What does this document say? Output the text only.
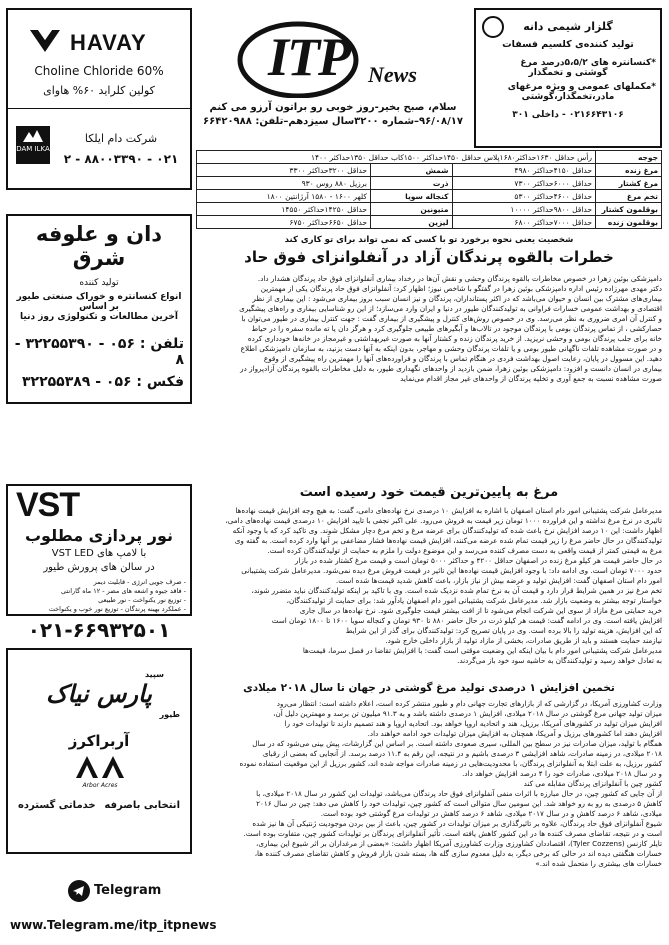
HAVAY
Choline Chloride 60%
کولین کلراید ۶۰% هاوای
DAM ILKA
شرکت دام ایلکا
۲ - ۸۸۰۰۳۳۹۰ - ۰۲۱
ITP News
سلام، صبح بخیر-روز خوبی رو براتون آرزو می کنم
۹۶/۰۸/۱۷–شماره ۳۲۰۰سال سیزدهم–تلفن: ۶۶۴۲۰۹۸۸
گلزار شیمی دانه
تولید کننده‌ی کلسیم فسفات
*کنسانتره های ۵،۵/۲درصد مرغ
گوشتی و تخمگذار
*مکملهای عمومی و ویژه مرغهای
مادر،تخمگذار،گوشتی
۰۲۱۶۶۴۳۱۰۶ - داخلی ۳۰۱
جوجه	رأس حداقل ۱۶۳۰حداکثر۱۶۸۰پلاس حداقل ۱۴۵۰حداکثر ۱۵۰۰کاب حداقل ۱۳۵۰حداکثر ۱۴۰۰		
مرغ زنده	حداقل ۴۱۵۰حداکثر ۴۹۸۰	شمش	حداقل ۳۲۰۰حداکثر ۳۳۰۰
مرغ کشتار	حداقل ۶۰۰۰حداکثر ۷۳۰۰	ذرت	برزیل ۸۸۰ روس ۹۳۰
تخم مرغ	حداقل ۴۶۰۰حداکثر ۵۳۰۰	کنجاله سویا	کلهر ۱۶۰۰ - ۱۵۸۰ آرژانتین ۱۸۰۰
بوقلمون کشتار	حداقل ۹۸۰۰حداکثر ۱۰۰۰۰	متیونین	حداقل ۱۴۲۵۰حداکثر ۱۴۵۵۰
بوقلمون زنده	حداقل ۷۰۰۰حداکثر ۶۸۰۰	لیزین	حداقل ۶۶۵۰حداکثر ۶۷۵۰
شخصیت یعنی نحوه برخورد تو با کسی که نمی تواند برای تو کاری کند
خطرات بالقوه پرندگان آزاد در آنفلوانزای فوق حاد
دامپزشکی بوئین زهرا در خصوص مخاطرات بالقوه پرندگان وحشی و نقش آن‌ها در رخداد بیماری آنفلوانزای فوق حاد پرندگان هشدار داد.
دکتر مهدی مهرزاده رئیس اداره دامپزشکی بوئین زهرا در گفتگو با شاخص نیوز؛ اظهار کرد: آنفلوانزای فوق حاد پرندگان یکی از مهمترین
بیماری‌های مشترک بین انسان و حیوان می‌باشد که در اکثر پستانداران، پرندگان و نیز انسان سبب بروز بیماری می‌شود : این بیماری از نظر
اقتصادی و بهداشت عمومی خسارات فراوانی به تولیدکنندگان طیور در دنیا و ایران وارد می‌سازد؛ از این رو شناسایی بیماری و راه‌های پیشگیری
و کنترل آن امری ضروری به نظر می‌رسد. وی در خصوص روش‌های کنترل و پیشگیری از بیماری گفت : جهت کنترل بیماری در طیور می‌توان با
حصارکشی ، از تماس پرندگان بومی با پرندگان موجود در تالاب‌ها و آبگیرهای طبیعی جلوگیری کرد و هرگز دان یا ته مانده سفره را در حیاط
خانه برای جلب پرندگان بومی و وحشی نریزید. از خرید پرندگان زنده و کشتار آنها به صورت غیربهداشتی و غیرمجاز در خانه‌ها خودداری کرده
و در صورت مشاهده تلفات ناگهانی طیور بومی و یا تلفات پرندگان وحشی و مهاجر، بدون اینکه به آنها دست بزنید، به سازمان دامپزشکی اطلاع
دهید. این مسوول در پایان، رعایت اصول بهداشت فردی در هنگام تماس با پرندگان و فراورده‌های آنها را مهمترین راه پیشگیری از وقوع
بیماری در انسان دانست و افزود: دامپزشکی بوئین زهرا، ضمن بازدید از واحدهای نگهداری طیور، به دلیل مخاطرات بالقوه پرندگان آزادپرواز در
صورت مشاهده نسبت به جمع آوری و تخلیه پرندگان از واحدهای غیر مجاز اقدام می‌نماید
مرغ به پایین‌ترین قیمت خود رسیده است
مدیرعامل شرکت پشتیبانی امور دام استان اصفهان با اشاره به افزایش ۱۰ درصدی نرخ نهاده‌های دامی، گفت: به هیچ وجه افزایش قیمت نهاده‌ها
تاثیری در نرخ مرغ نداشته و این فراورده ۱۰۰۰ تومان زیر قیمت به فروش می‌رود. علی اکبر نجفی با تایید افزایش ۱۰ درصدی قیمت نهاده‌های دامی،
اظهار داشت: این ۱۰ درصد افزایش نرخ باعث شده که تولیدکنندگان برای عرضه مرغ و تخم مرغ دچار مشکل شوند. وی تاکید کرد که با وجود آنکه
تولیدکنندگان در حال حاضر مرغ را زیر قیمت تمام شده عرضه می‌کنند، افزایش قیمت نهاده‌ها فشار مضاعفی بر آنها وارد کرده است. به گفته وی
مرغ به قیمتی کمتر از قیمت واقعی به دست مصرف کننده می‌رسد و این موضوع دولت را ملزم به حمایت از تولیدکنندگان کرده است.
در حال حاضر قیمت هر کیلو مرغ زنده در اصفهان حداقل ۴۲۰۰ و حداکثر ۵۰۰۰ تومان است و قیمت مرغ کشتار شده در بازار
حدود ۷۰۰۰ تومان است. وی ادامه داد: با وجود افزایش قیمت نهاده‌ها این تاثیر در قیمت فروش مرغ دیده نمی‌شود. مدیرعامل شرکت پشتیبانی
امور دام استان اصفهان گفت: افزایش تولید و عرضه بیش از نیاز بازار، باعث کاهش شدید قیمت‌ها شده است.
تخم مرغ نیز در همین شرایط قرار دارد و قیمت آن به نرخ تمام شده نزدیک شده است. وی با تاکید بر اینکه تولیدکنندگان نباید متضرر شوند،
خواستار توجه بیشتر به وضعیت بازار شد. مدیرعامل شرکت پشتیبانی امور دام اصفهان یادآور شد: برای حمایت از تولیدکنندگان،
خرید حمایتی مرغ مازاد از سوی این شرکت انجام می‌شود تا از افت بیشتر قیمت جلوگیری شود. نرخ نهاده‌ها در سال جاری
افزایش یافته است. وی در ادامه گفت: قیمت هر کیلو ذرت در حال حاضر ۸۸۰ تا ۹۳۰ تومان و کنجاله سویا ۱۶۰۰ تا ۱۸۰۰ تومان است
که این افزایش، هزینه تولید را بالا برده است. وی در پایان تصریح کرد: تولیدکنندگان برای گذر از این شرایط
نیازمند حمایت هستند و باید از طریق صادرات، بخشی از مازاد تولید از بازار داخلی خارج شود.
مدیرعامل شرکت پشتیبانی امور دام با بیان اینکه این وضعیت موقتی است گفت: با افزایش تقاضا در فصل سرما، قیمت‌ها
به تعادل خواهد رسید و تولیدکنندگان به حاشیه سود خود باز می‌گردند.
تخمین افزایش ۱ درصدی تولید مرغ گوشتی در جهان تا سال ۲۰۱۸ میلادی
وزارت کشاورزی آمریکا، در گزارشی که از بازارهای تجارت جهانی دام و طیور منتشر کرده است، اعلام داشته است: انتظار می‌رود
میزان تولید جهانی مرغ گوشتی در سال ۲۰۱۸ میلادی، افزایش ۱ درصدی داشته باشد و به ۹۱.۳ میلیون تن برسد و مهمترین دلیل آن،
افزایش میزان تولید در کشورهای آمریکا، برزیل، هند و اتحادیه اروپا خواهد بود. اتحادیه اروپا و هند تصمیم دارند تا تولیدات خود را
افزایش دهند اما کشورهای برزیل و آمریکا، همچنان به افزایش میزان تولیدات خود ادامه خواهند داد.
همگام با تولید، میزان صادرات نیز در سطح بین المللی، سیری صعودی داشته است. بر اساس این گزارشات، پیش بینی می‌شود که در سال
۲۰۱۸ میلادی، در زمینه صادرات، شاهد افزایشی ۳ درصدی باشیم و در نتیجه، این رقم به ۱۱.۴ درصد برسد. از آنجایی که بعضی از رقبای
کشور برزیل، به علت ابتلا به آنفلوانزای پرندگان، با محدودیت‌هایی در زمینه صادرات مواجه شده اند، کشور برزیل از این موقعیت استفاده نموده
و در سال ۲۰۱۸ میلادی، صادرات خود را ۴ درصد افزایش خواهد داد.
کشور چین با آنفلوانزای پرندگان مقابله می کند
از آن جایی که کشور چین، در حال مبارزه با اثرات منفی آنفلوانزای فوق حاد پرندگان می‌باشد، تولیدات این کشور در سال ۲۰۱۸ میلادی، با
کاهش ۵ درصدی به رو به رو خواهد شد. این سومین سال متوالی است که کشور چین، تولیدات خود را کاهش می دهد: چین در سال ۲۰۱۶
میلادی، شاهد ۶ درصد کاهش و در سال ۲۰۱۷ میلادی، شاهد ۶ درصد کاهش در تولیدات مرغ گوشتی خود بوده است.
شیوع آنفلوانزای فوق حاد پرندگان، علاوه بر تاثیرگذاری بر میزان تولیدات در کشور چین، باعث از بین بردن موجودیت ژنتیکی آن ها نیز شده
است و در نتیجه، تقاضای مصرف کننده ها در این کشور کاهش یافته است. تأثیر آنفلوانزای پرندگان بر تولیدات کشور چین، متفاوت بوده است.
تایلر کازنس (Tyler Cozzens)، اقتصاددان کشاورزی وزارت کشاورزی آمریکا اظهار داشت: «بعضی از مرغداران بر اثر شیوع این بیماری،
خسارات هنگفتی دیده اند در حالی که برخی دیگر، به دلیل معدوم سازی گله ها، بسته شدن بازار فروش و کاهش تقاضای مصرف کننده ها،
خسارات های بیشتری را متحمل شده اند.»
دان و علوفه شرق
تولید کننده
انواع کنسانتره و خوراک صنعتی طیور
بر اساس
آخرین مطالعات و تکنولوژی روز دنیا
تلفن : ۰۵۶ - ۳۲۲۵۵۳۹۰ - ۸
فکس : ۰۵۶ - ۳۲۲۵۵۳۸۹
VST
نور پردازی مطلوب
با لامپ های VST LED
در سالن های پرورش طیور
- صرف جویی انرژی - قابلیت دیمر
- فاقد جیوه و اشعه های مضر - ۱۲ ماه گارانتی
- توزیع نور یکنواخت - نور طبیعی
- عملکرد بهینه پرندگان - توزیع نور خوب و یکنواخت
۰۲۱-۶۶۹۳۲۵۰۱
سپید
پارس نیاک
طیور
آربراکرز
Arbor Acres
انتخابی باصرفه
خدماتی گسترده
Telegram
www.Telegram.me/itp_itpnews
